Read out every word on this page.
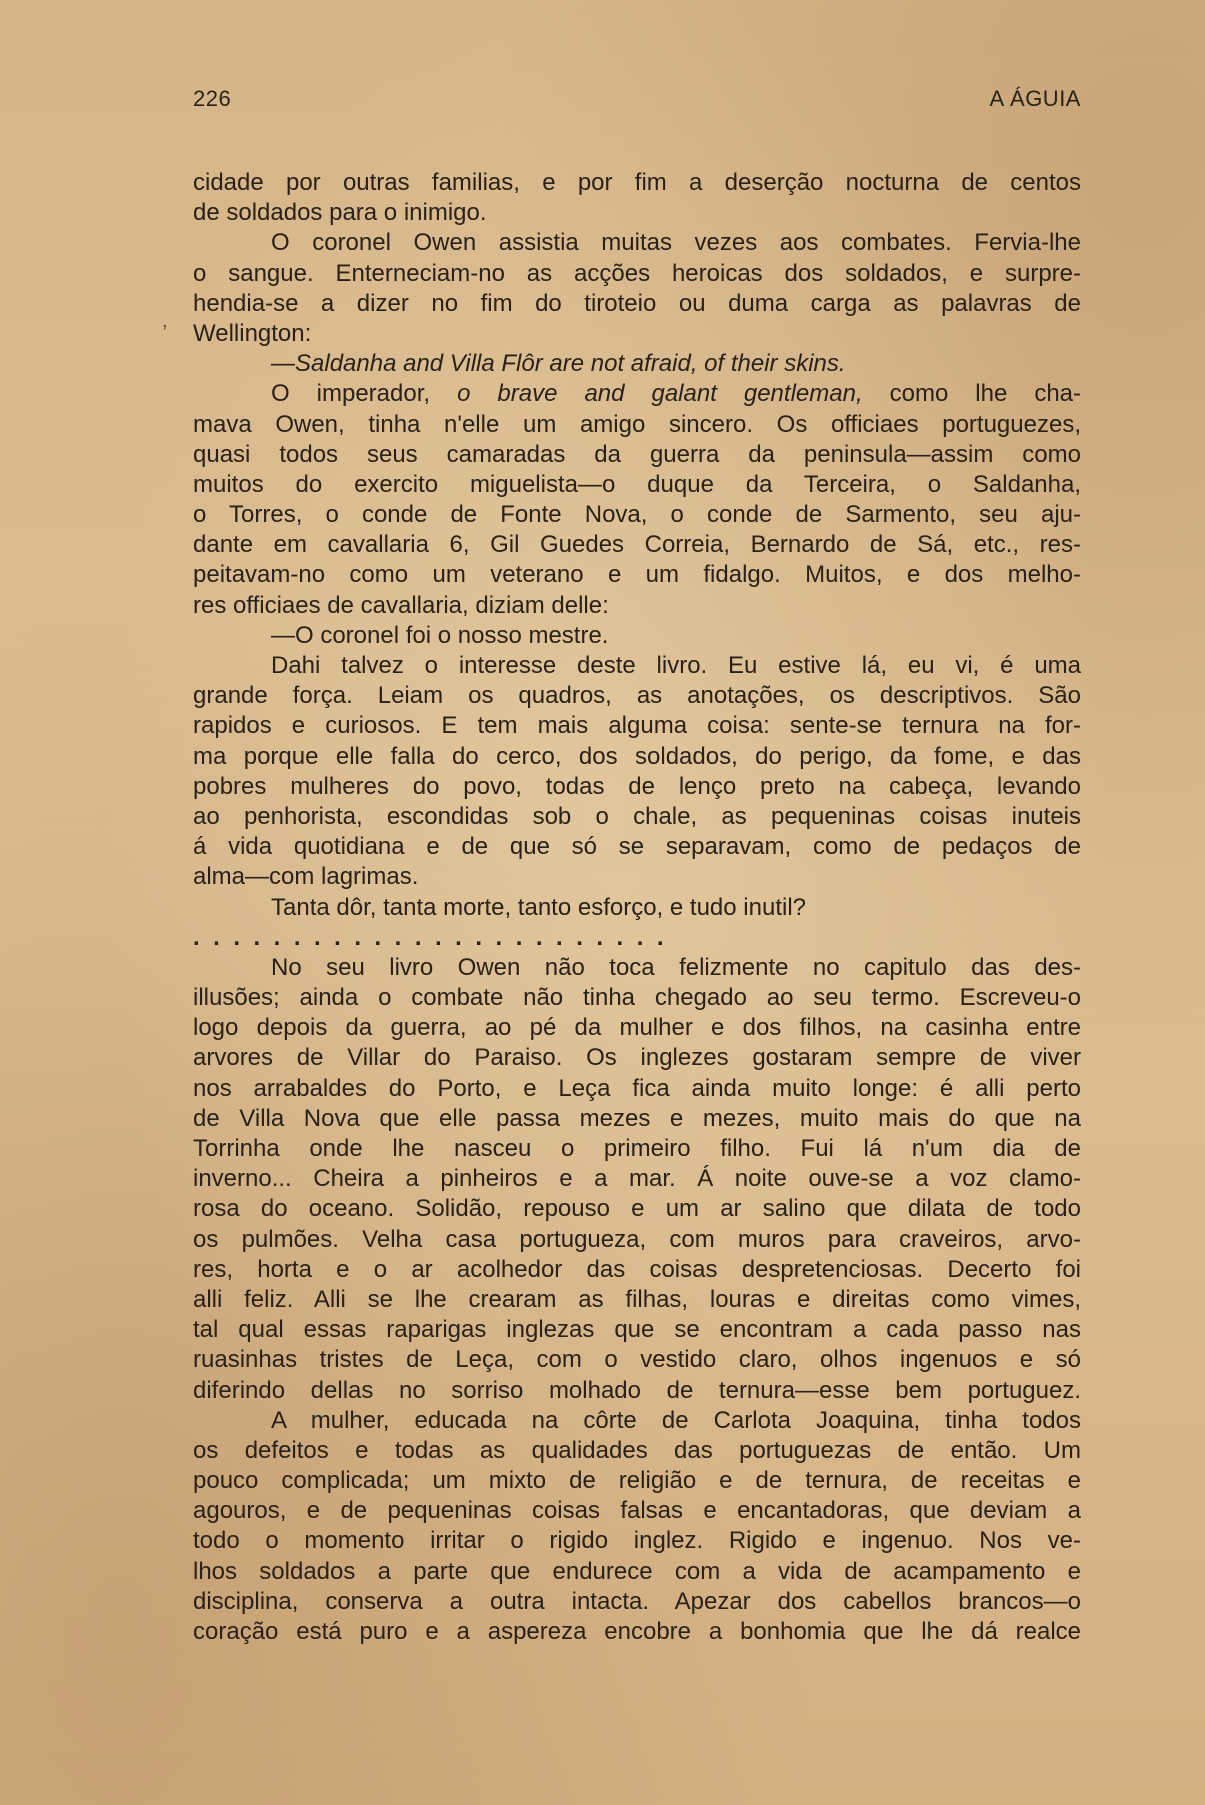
226	A ÁGUIA
cidade por outras familias, e por fim a deserção nocturna de centos
de soldados para o inimigo.
O coronel Owen assistia muitas vezes aos combates. Fervia-lhe
o sangue. Enterneciam-no as acções heroicas dos soldados, e surpre-
hendia-se a dizer no fim do tiroteio ou duma carga as palavras de
Wellington:
—Saldanha and Villa Flôr are not afraid, of their skins.
O imperador, o brave and galant gentleman, como lhe cha-
mava Owen, tinha n'elle um amigo sincero. Os officiaes portuguezes,
quasi todos seus camaradas da guerra da peninsula—assim como
muitos do exercito miguelista—o duque da Terceira, o Saldanha,
o Torres, o conde de Fonte Nova, o conde de Sarmento, seu aju-
dante em cavallaria 6, Gil Guedes Correia, Bernardo de Sá, etc., res-
peitavam-no como um veterano e um fidalgo. Muitos, e dos melho-
res officiaes de cavallaria, diziam delle:
—O coronel foi o nosso mestre.
Dahi talvez o interesse deste livro. Eu estive lá, eu vi, é uma
grande força. Leiam os quadros, as anotações, os descriptivos. São
rapidos e curiosos. E tem mais alguma coisa: sente-se ternura na for-
ma porque elle falla do cerco, dos soldados, do perigo, da fome, e das
pobres mulheres do povo, todas de lenço preto na cabeça, levando
ao penhorista, escondidas sob o chale, as pequeninas coisas inuteis
á vida quotidiana e de que só se separavam, como de pedaços de
alma—com lagrimas.
Tanta dôr, tanta morte, tanto esforço, e tudo inutil?
........................
No seu livro Owen não toca felizmente no capitulo das des-
illusões; ainda o combate não tinha chegado ao seu termo. Escreveu-o
logo depois da guerra, ao pé da mulher e dos filhos, na casinha entre
arvores de Villar do Paraiso. Os inglezes gostaram sempre de viver
nos arrabaldes do Porto, e Leça fica ainda muito longe: é alli perto
de Villa Nova que elle passa mezes e mezes, muito mais do que na
Torrinha onde lhe nasceu o primeiro filho. Fui lá n'um dia de
inverno... Cheira a pinheiros e a mar. Á noite ouve-se a voz clamo-
rosa do oceano. Solidão, repouso e um ar salino que dilata de todo
os pulmões. Velha casa portugueza, com muros para craveiros, arvo-
res, horta e o ar acolhedor das coisas despretenciosas. Decerto foi
alli feliz. Alli se lhe crearam as filhas, louras e direitas como vimes,
tal qual essas raparigas inglezas que se encontram a cada passo nas
ruasinhas tristes de Leça, com o vestido claro, olhos ingenuos e só
diferindo dellas no sorriso molhado de ternura—esse bem portuguez.
A mulher, educada na côrte de Carlota Joaquina, tinha todos
os defeitos e todas as qualidades das portuguezas de então. Um
pouco complicada; um mixto de religião e de ternura, de receitas e
agouros, e de pequeninas coisas falsas e encantadoras, que deviam a
todo o momento irritar o rigido inglez. Rigido e ingenuo. Nos ve-
lhos soldados a parte que endurece com a vida de acampamento e
disciplina, conserva a outra intacta. Apezar dos cabellos brancos—o
coração está puro e a aspereza encobre a bonhomia que lhe dá realce
,
